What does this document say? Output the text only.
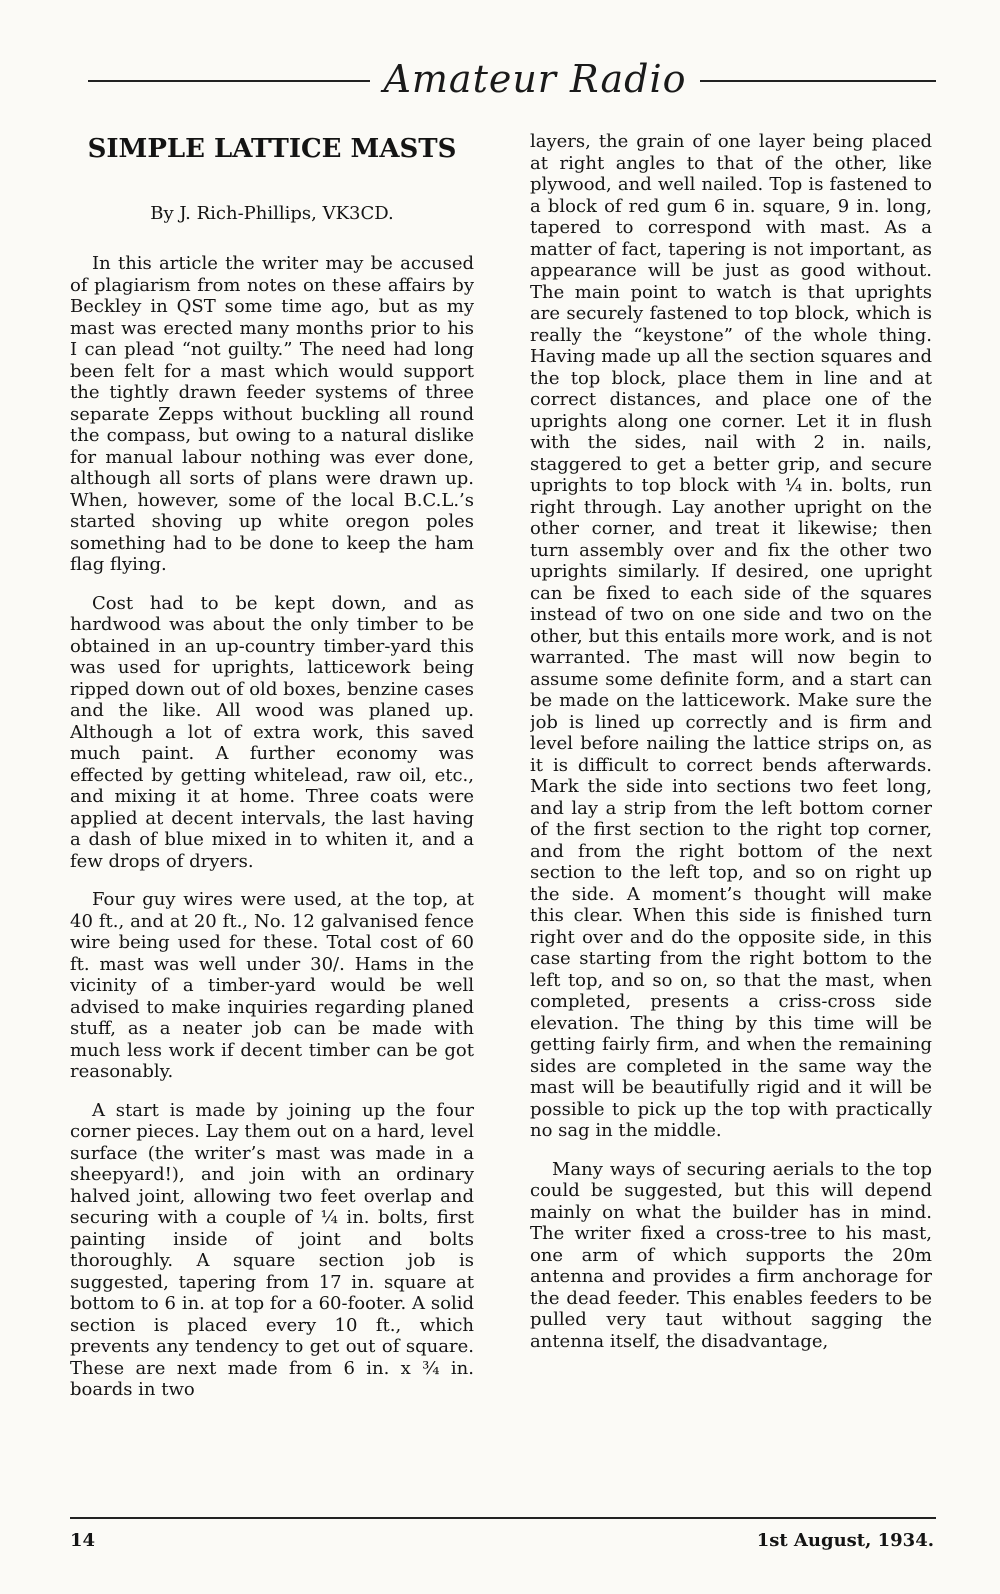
Amateur Radio
SIMPLE LATTICE MASTS
By J. Rich-Phillips, VK3CD.

In this article the writer may be accused of plagiarism from notes on these affairs by Beckley in QST some time ago, but as my mast was erected many months prior to his I can plead “not guilty.” The need had long been felt for a mast which would support the tightly drawn feeder systems of three separate Zepps without buckling all round the compass, but owing to a natural dislike for manual labour nothing was ever done, although all sorts of plans were drawn up. When, however, some of the local B.C.L.’s started shoving up white oregon poles something had to be done to keep the ham flag flying.

Cost had to be kept down, and as hardwood was about the only timber to be obtained in an up-country timber-yard this was used for uprights, latticework being ripped down out of old boxes, benzine cases and the like. All wood was planed up. Although a lot of extra work, this saved much paint. A further economy was effected by getting whitelead, raw oil, etc., and mixing it at home. Three coats were applied at decent intervals, the last having a dash of blue mixed in to whiten it, and a few drops of dryers.

Four guy wires were used, at the top, at 40 ft., and at 20 ft., No. 12 galvanised fence wire being used for these. Total cost of 60 ft. mast was well under 30/. Hams in the vicinity of a timber-yard would be well advised to make inquiries regarding planed stuff, as a neater job can be made with much less work if decent timber can be got reasonably.

A start is made by joining up the four corner pieces. Lay them out on a hard, level surface (the writer’s mast was made in a sheepyard!), and join with an ordinary halved joint, allowing two feet overlap and securing with a couple of ¼ in. bolts, first painting inside of joint and bolts thoroughly. A square section job is suggested, tapering from 17 in. square at bottom to 6 in. at top for a 60-footer. A solid section is placed every 10 ft., which prevents any tendency to get out of square. These are next made from 6 in. x ¾ in. boards in two

layers, the grain of one layer being placed at right angles to that of the other, like plywood, and well nailed. Top is fastened to a block of red gum 6 in. square, 9 in. long, tapered to correspond with mast. As a matter of fact, tapering is not important, as appearance will be just as good without. The main point to watch is that uprights are securely fastened to top block, which is really the “keystone” of the whole thing. Having made up all the section squares and the top block, place them in line and at correct distances, and place one of the uprights along one corner. Let it in flush with the sides, nail with 2 in. nails, staggered to get a better grip, and secure uprights to top block with ¼ in. bolts, run right through. Lay another upright on the other corner, and treat it likewise; then turn assembly over and fix the other two uprights similarly. If desired, one upright can be fixed to each side of the squares instead of two on one side and two on the other, but this entails more work, and is not warranted. The mast will now begin to assume some definite form, and a start can be made on the latticework. Make sure the job is lined up correctly and is firm and level before nailing the lattice strips on, as it is difficult to correct bends afterwards. Mark the side into sections two feet long, and lay a strip from the left bottom corner of the first section to the right top corner, and from the right bottom of the next section to the left top, and so on right up the side. A moment’s thought will make this clear. When this side is finished turn right over and do the opposite side, in this case starting from the right bottom to the left top, and so on, so that the mast, when completed, presents a criss-cross side elevation. The thing by this time will be getting fairly firm, and when the remaining sides are completed in the same way the mast will be beautifully rigid and it will be possible to pick up the top with practically no sag in the middle.

Many ways of securing aerials to the top could be suggested, but this will depend mainly on what the builder has in mind. The writer fixed a cross-tree to his mast, one arm of which supports the 20m antenna and provides a firm anchorage for the dead feeder. This enables feeders to be pulled very taut without sagging the antenna itself, the disadvantage,

14	1st August, 1934.
